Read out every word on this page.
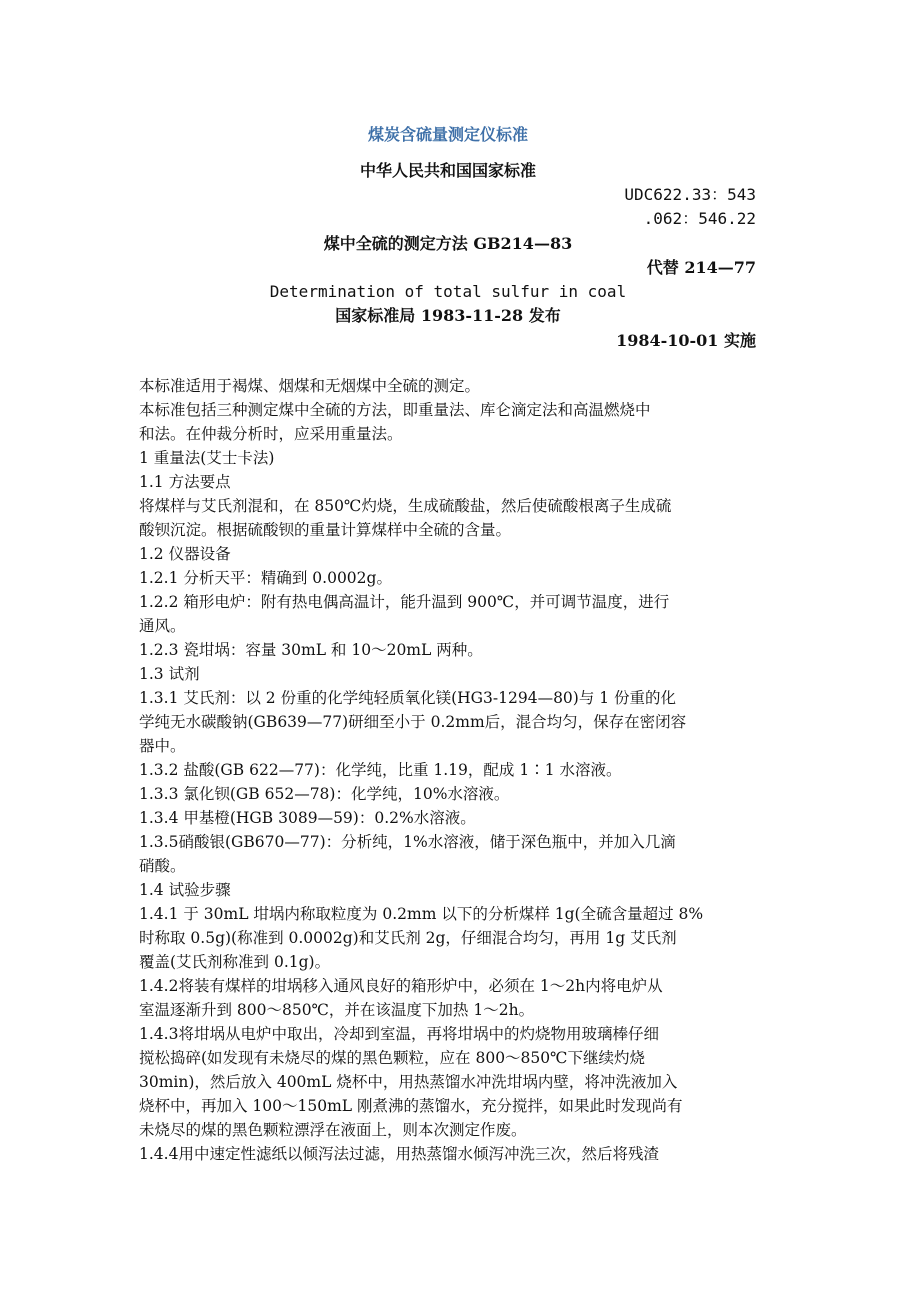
煤炭含硫量测定仪标准
中华人民共和国国家标准
UDC622.33：543
.062：546.22
煤中全硫的测定方法 GB214—83
代替 214—77
Determination of total sulfur in coal
国家标准局 1983-11-28 发布
1984-10-01 实施

本标准适用于褐煤、烟煤和无烟煤中全硫的测定。

本标准包括三种测定煤中全硫的方法，即重量法、库仑滴定法和高温燃烧中

和法。在仲裁分析时，应采用重量法。

1 重量法(艾士卡法)

1.1 方法要点

将煤样与艾氏剂混和，在 850℃灼烧，生成硫酸盐，然后使硫酸根离子生成硫

酸钡沉淀。根据硫酸钡的重量计算煤样中全硫的含量。

1.2 仪器设备

1.2.1 分析天平：精确到 0.0002g。

1.2.2 箱形电炉：附有热电偶高温计，能升温到 900℃，并可调节温度，进行

通风。

1.2.3 瓷坩埚：容量 30mL 和 10～20mL 两种。

1.3 试剂

1.3.1 艾氏剂：以 2 份重的化学纯轻质氧化镁(HG3-1294—80)与 1 份重的化

学纯无水碳酸钠(GB639—77)研细至小于 0.2mm后，混合均匀，保存在密闭容

器中。

1.3.2 盐酸(GB 622—77)：化学纯，比重 1.19，配成 1∶1 水溶液。

1.3.3 氯化钡(GB 652—78)：化学纯，10%水溶液。

1.3.4 甲基橙(HGB 3089—59)：0.2%水溶液。

1.3.5硝酸银(GB670—77)：分析纯，1%水溶液，储于深色瓶中，并加入几滴

硝酸。

1.4 试验步骤

1.4.1 于 30mL 坩埚内称取粒度为 0.2mm 以下的分析煤样 1g(全硫含量超过 8%

时称取 0.5g)(称准到 0.0002g)和艾氏剂 2g，仔细混合均匀，再用 1g 艾氏剂

覆盖(艾氏剂称准到 0.1g)。

1.4.2将装有煤样的坩埚移入通风良好的箱形炉中，必须在 1～2h内将电炉从

室温逐渐升到 800～850℃，并在该温度下加热 1～2h。

1.4.3将坩埚从电炉中取出，冷却到室温，再将坩埚中的灼烧物用玻璃棒仔细

搅松捣碎(如发现有未烧尽的煤的黑色颗粒，应在 800～850℃下继续灼烧

30min)，然后放入 400mL 烧杯中，用热蒸馏水冲洗坩埚内壁，将冲洗液加入

烧杯中，再加入 100～150mL 刚煮沸的蒸馏水，充分搅拌，如果此时发现尚有

未烧尽的煤的黑色颗粒漂浮在液面上，则本次测定作废。

1.4.4用中速定性滤纸以倾泻法过滤，用热蒸馏水倾泻冲洗三次，然后将残渣
